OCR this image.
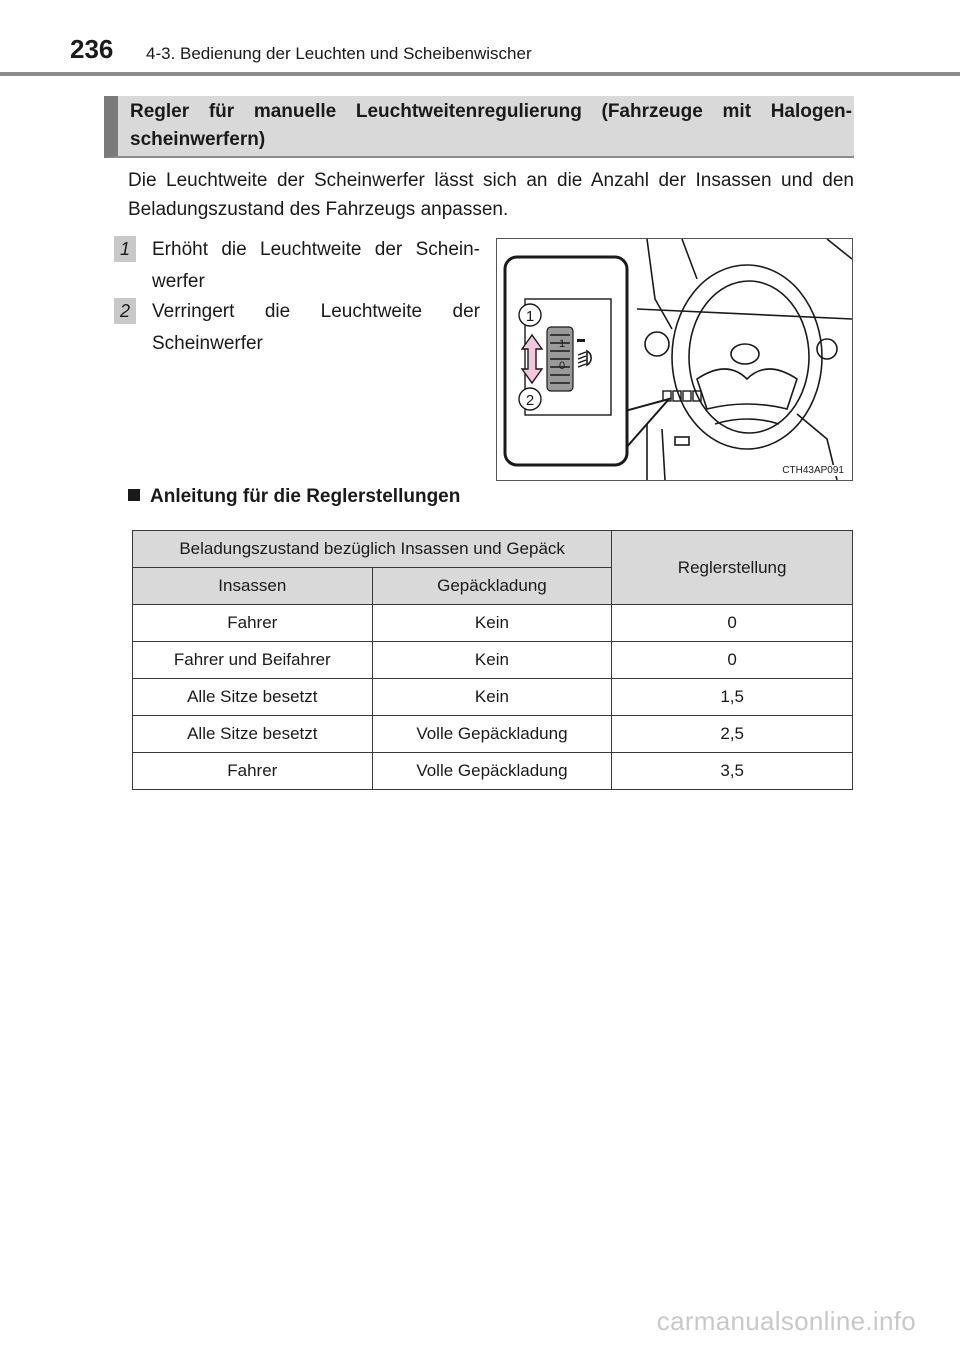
236 4-3. Bedienung der Leuchten und Scheibenwischer
Regler für manuelle Leuchtweitenregulierung (Fahrzeuge mit Halogen-scheinwerfern)
Die Leuchtweite der Scheinwerfer lässt sich an die Anzahl der Insassen und den Beladungszustand des Fahrzeugs anpassen.
1	Erhöht die Leuchtweite der Schein-werfer
2	Verringert die Leuchtweite der Scheinwerfer	1
0
1
2
CTH43AP091
Anleitung für die Reglerstellungen
Beladungszustand bezüglich Insassen und Gepäck		Reglerstellung
Insassen	Gepäckladung	
Fahrer	Kein	0
Fahrer und Beifahrer	Kein	0
Alle Sitze besetzt	Kein	1,5
Alle Sitze besetzt	Volle Gepäckladung	2,5
Fahrer	Volle Gepäckladung	3,5
carmanualsonline.info
